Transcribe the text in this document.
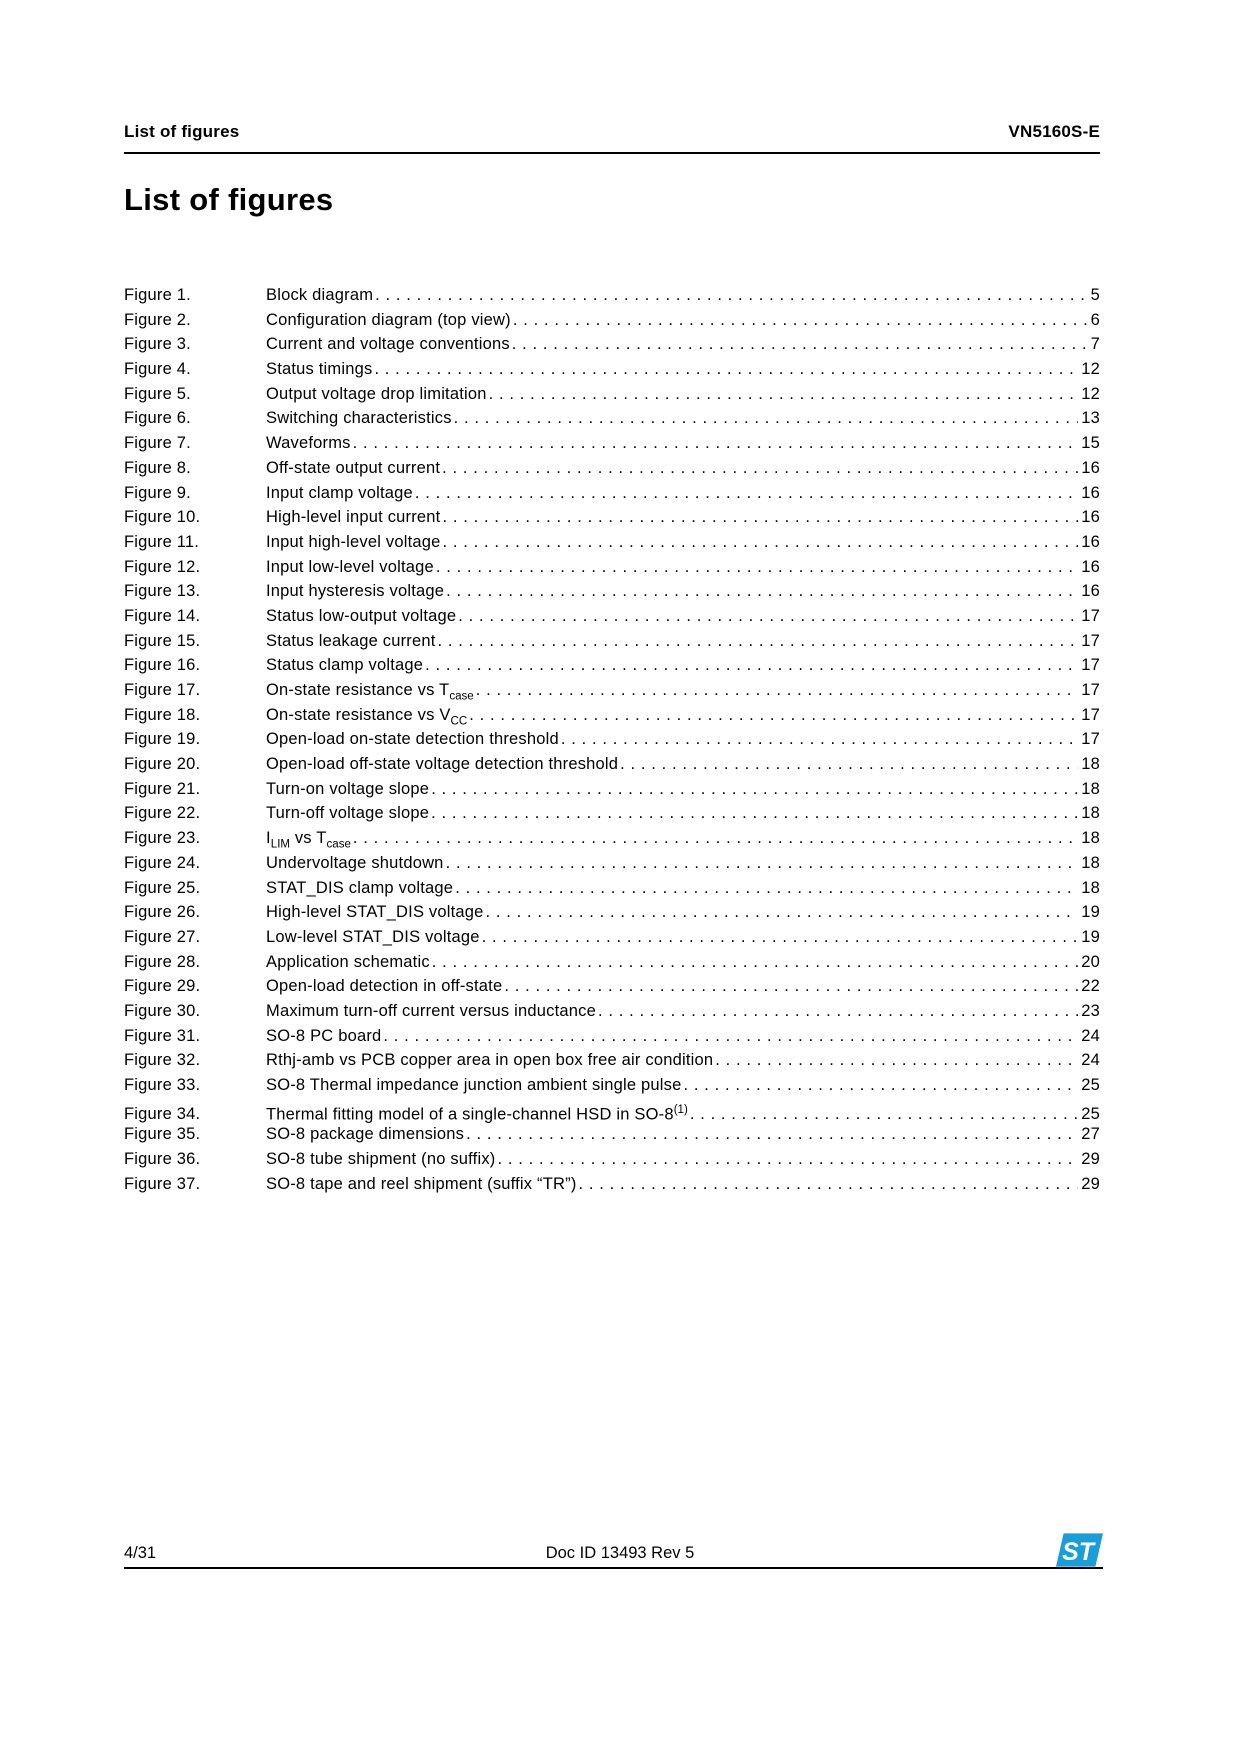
List of figures	VN5160S-E
List of figures
Figure 1.	Block diagram . . .	5
Figure 2.	Configuration diagram (top view) . . .	6
Figure 3.	Current and voltage conventions . . .	7
Figure 4.	Status timings . . .	12
Figure 5.	Output voltage drop limitation . . .	12
Figure 6.	Switching characteristics . . .	13
Figure 7.	Waveforms . . .	15
Figure 8.	Off-state output current . . .	16
Figure 9.	Input clamp voltage . . .	16
Figure 10.	High-level input current . . .	16
Figure 11.	Input high-level voltage . . .	16
Figure 12.	Input low-level voltage . . .	16
Figure 13.	Input hysteresis voltage . . .	16
Figure 14.	Status low-output voltage . . .	17
Figure 15.	Status leakage current . . .	17
Figure 16.	Status clamp voltage . . .	17
Figure 17.	On-state resistance vs $T_{case}$ . . .	17
Figure 18.	On-state resistance vs $V_{CC}$ . . .	17
Figure 19.	Open-load on-state detection threshold . . .	17
Figure 20.	Open-load off-state voltage detection threshold . . .	18
Figure 21.	Turn-on voltage slope . . .	18
Figure 22.	Turn-off voltage slope . . .	18
Figure 23.	$I_{LIM}$ vs $T_{case}$ . . .	18
Figure 24.	Undervoltage shutdown . . .	18
Figure 25.	STAT_DIS clamp voltage . . .	18
Figure 26.	High-level STAT_DIS voltage . . .	19
Figure 27.	Low-level STAT_DIS voltage . . .	19
Figure 28.	Application schematic . . .	20
Figure 29.	Open-load detection in off-state . . .	22
Figure 30.	Maximum turn-off current versus inductance . . .	23
Figure 31.	SO-8 PC board . . .	24
Figure 32.	Rthj-amb vs PCB copper area in open box free air condition . . .	24
Figure 33.	SO-8 Thermal impedance junction ambient single pulse . . .	25
Figure 34.	Thermal fitting model of a single-channel HSD in SO-8$^{(1)}$ . . .	25
Figure 35.	SO-8 package dimensions . . .	27
Figure 36.	SO-8 tube shipment (no suffix) . . .	29
Figure 37.	SO-8 tape and reel shipment (suffix “TR”) . . .	29
4/31	Doc ID 13493 Rev 5	ST
